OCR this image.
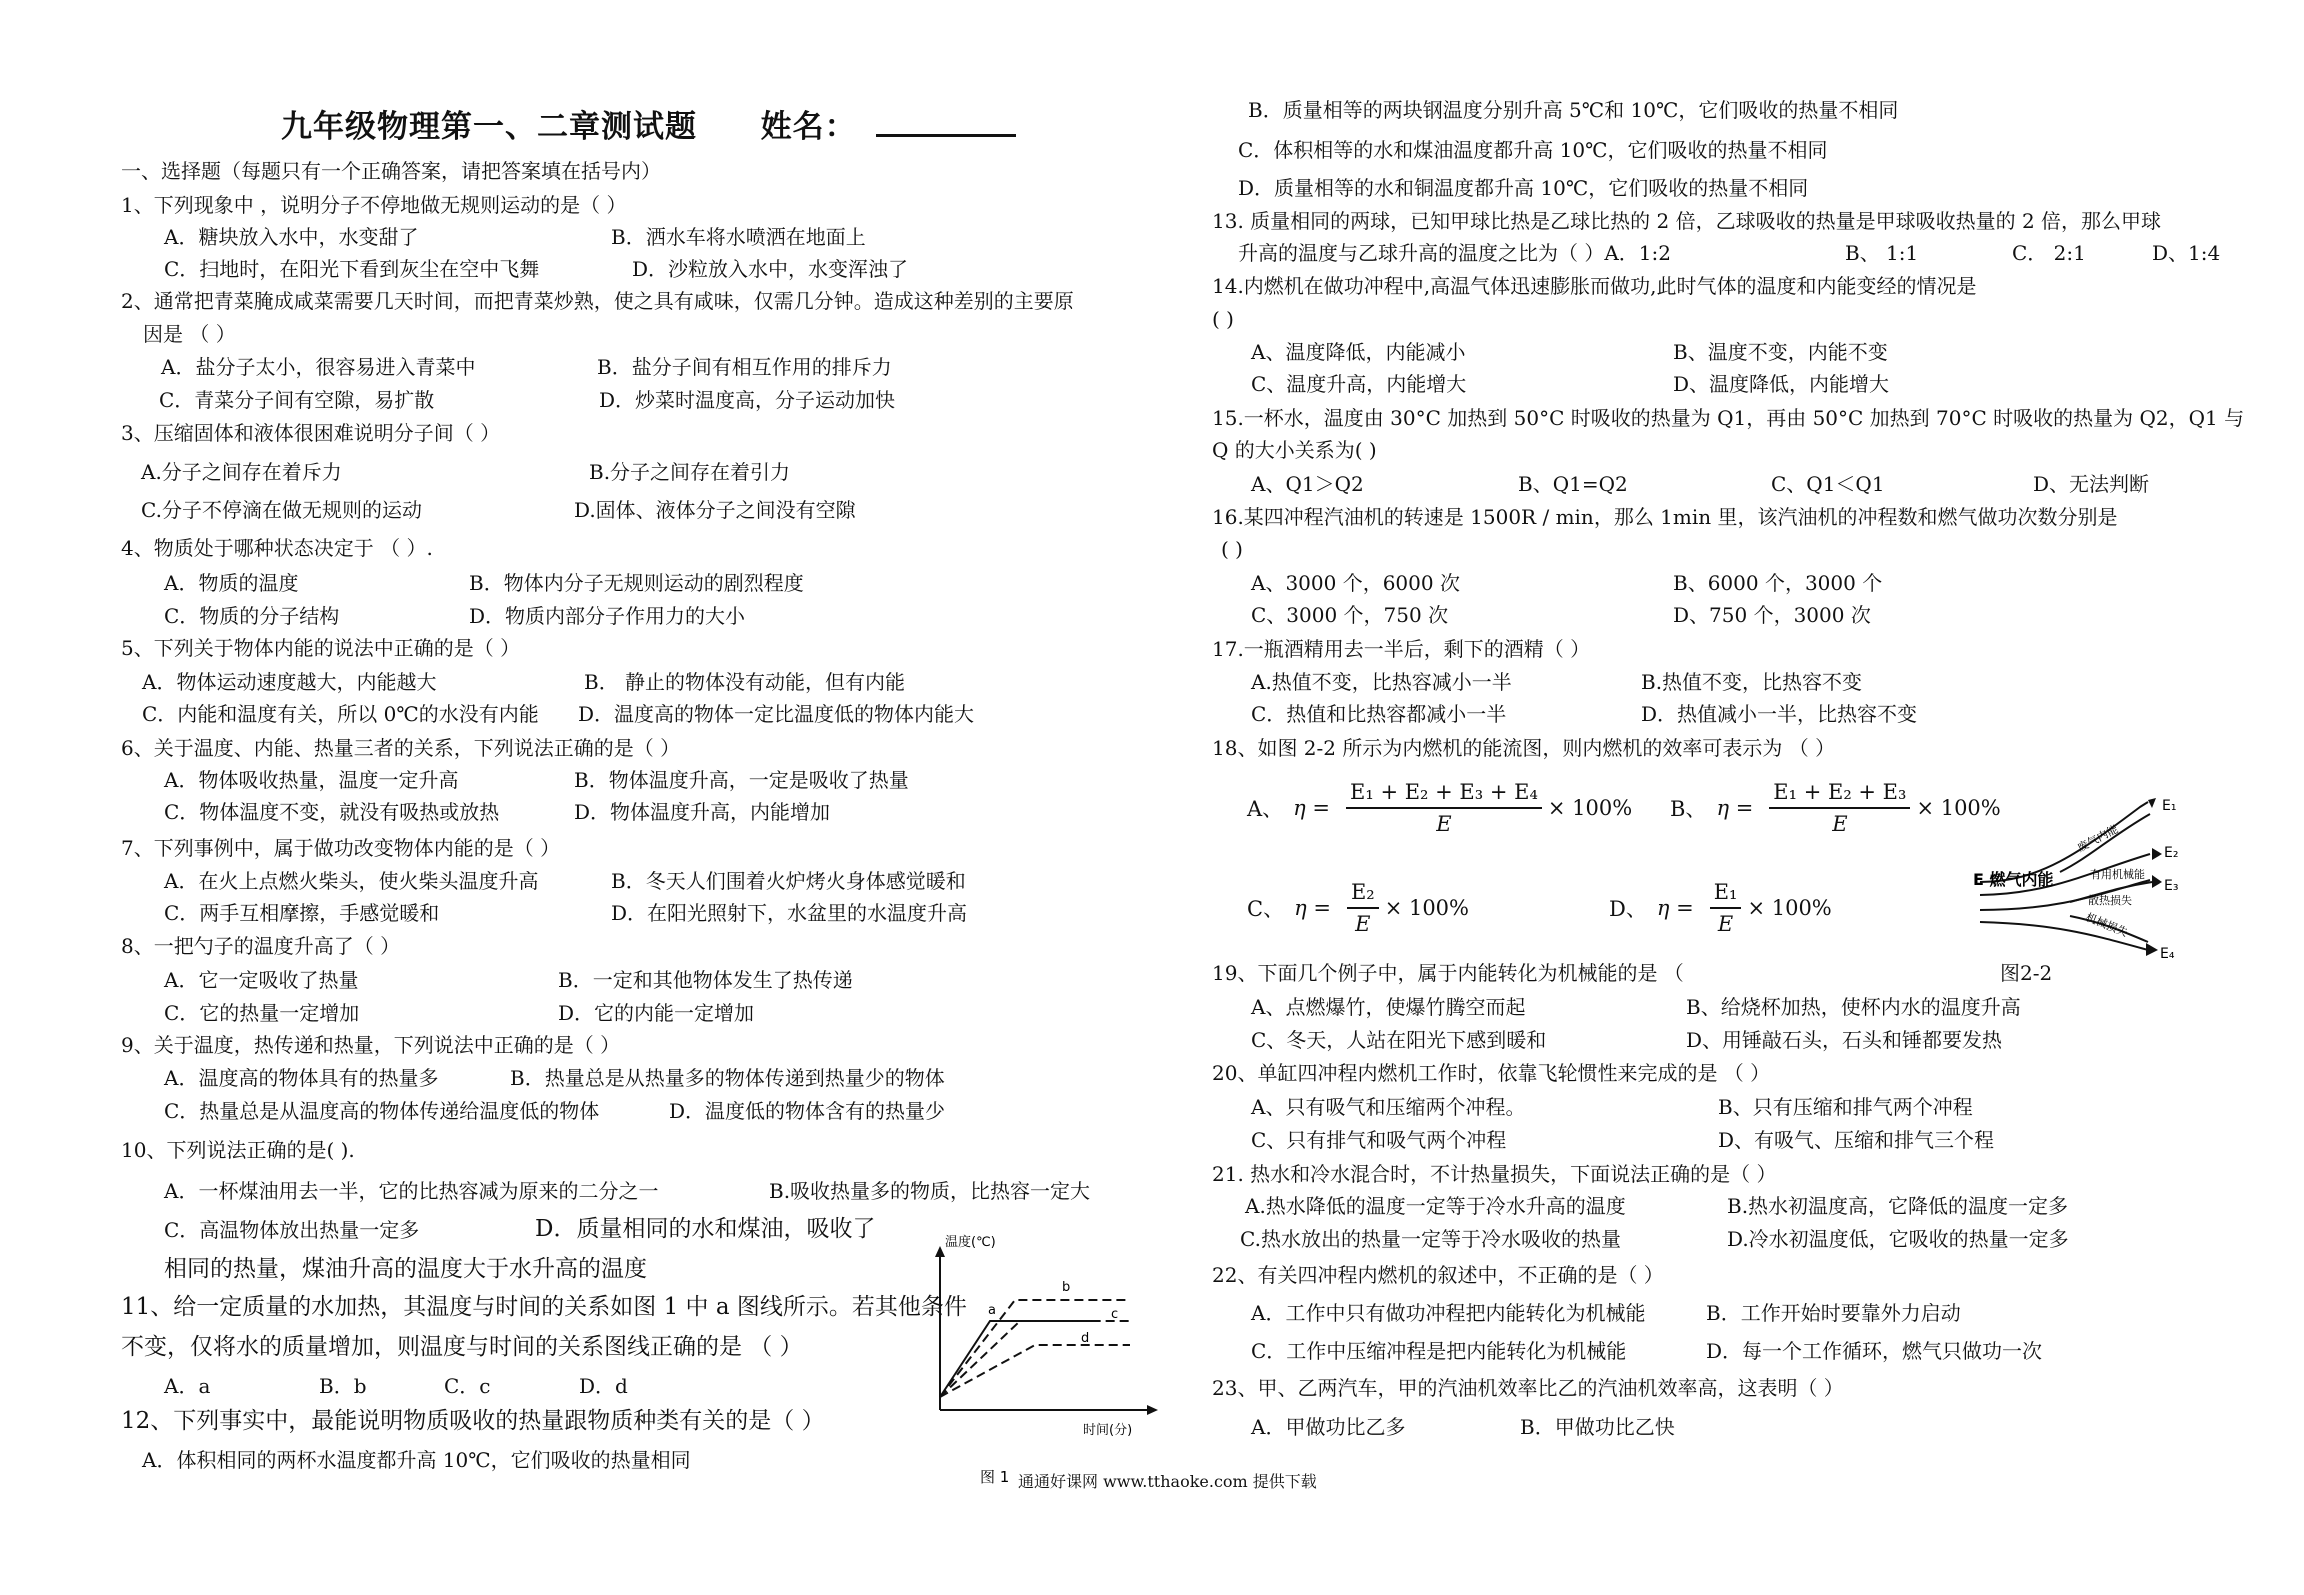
九年级物理第一、二章测试题 姓名：
一、选择题（每题只有一个正确答案，请把答案填在括号内）
1、下列现象中 ，说明分子不停地做无规则运动的是（ ）
A．糖块放入水中，水变甜了	B．洒水车将水喷洒在地面上
C．扫地时，在阳光下看到灰尘在空中飞舞	D．沙粒放入水中，水变浑浊了
2、通常把青菜腌成咸菜需要几天时间，而把青菜炒熟，使之具有咸味，仅需几分钟。造成这种差别的主要原
因是 （ ）
A．盐分子太小，很容易进入青菜中	B．盐分子间有相互作用的排斥力
C．青菜分子间有空隙，易扩散	D．炒菜时温度高，分子运动加快
3、压缩固体和液体很困难说明分子间（ ）
A.分子之间存在着斥力	B.分子之间存在着引力
C.分子不停滴在做无规则的运动	D.固体、液体分子之间没有空隙
4、物质处于哪种状态决定于 （ ）.
A．物质的温度	B．物体内分子无规则运动的剧烈程度
C．物质的分子结构	D．物质内部分子作用力的大小
5、下列关于物体内能的说法中正确的是（ ）
A．物体运动速度越大，内能越大	B． 静止的物体没有动能，但有内能
C．内能和温度有关，所以 0℃的水没有内能 D．温度高的物体一定比温度低的物体内能大
6、关于温度、内能、热量三者的关系，下列说法正确的是（ ）
A．物体吸收热量，温度一定升高	B．物体温度升高，一定是吸收了热量
C．物体温度不变，就没有吸热或放热	D．物体温度升高，内能增加
7、下列事例中，属于做功改变物体内能的是（ ）
A．在火上点燃火柴头，使火柴头温度升高	B．冬天人们围着火炉烤火身体感觉暖和
C．两手互相摩擦，手感觉暖和	D．在阳光照射下，水盆里的水温度升高
8、一把勺子的温度升高了（ ）
A．它一定吸收了热量	B．一定和其他物体发生了热传递
C．它的热量一定增加	D．它的内能一定增加
9、关于温度，热传递和热量，下列说法中正确的是（ ）
A．温度高的物体具有的热量多	B．热量总是从热量多的物体传递到热量少的物体
C．热量总是从温度高的物体传递给温度低的物体	D．温度低的物体含有的热量少
10、下列说法正确的是( ).
A．一杯煤油用去一半，它的比热容减为原来的二分之一	B.吸收热量多的物质，比热容一定大
C．高温物体放出热量一定多	D．质量相同的水和煤油，吸收了
相同的热量，煤油升高的温度大于水升高的温度
11、给一定质量的水加热，其温度与时间的关系如图 1 中 a 图线所示。若其他条件
不变，仅将水的质量增加，则温度与时间的关系图线正确的是 （ ）
A．a	B．b	C．c	D．d
12、下列事实中，最能说明物质吸收的热量跟物质种类有关的是（ ）
A．体积相同的两杯水温度都升高 10℃，它们吸收的热量相同
温度(℃)
a
b
c
d
时间(分)
图 1
B．质量相等的两块钢温度分别升高 5℃和 10℃，它们吸收的热量不相同
C．体积相等的水和煤油温度都升高 10℃，它们吸收的热量不相同
D．质量相等的水和铜温度都升高 10℃，它们吸收的热量不相同
13. 质量相同的两球，已知甲球比热是乙球比热的 2 倍，乙球吸收的热量是甲球吸收热量的 2 倍，那么甲球
升高的温度与乙球升高的温度之比为（ ）A．1:2	B、 1:1	C． 2:1	D、1:4
14.内燃机在做功冲程中,高温气体迅速膨胀而做功,此时气体的温度和内能变经的情况是
( )
A、温度降低，内能减小	B、温度不变，内能不变
C、温度升高，内能增大	D、温度降低，内能增大
15.一杯水，温度由 30°C 加热到 50°C 时吸收的热量为 Q1，再由 50°C 加热到 70°C 时吸收的热量为 Q2，Q1 与
Q 的大小关系为( )
A、Q1＞Q2	B、Q1=Q2	C、Q1＜Q1	D、无法判断
16.某四冲程汽油机的转速是 1500R / min，那么 1min 里，该汽油机的冲程数和燃气做功次数分别是
( )
A、3000 个，6000 次	B、6000 个，3000 个
C、3000 个，750 次	D、750 个，3000 次
17.一瓶酒精用去一半后，剩下的酒精（ ）
A.热值不变，比热容减小一半	B.热值不变，比热容不变
C．热值和比热容都减小一半	D．热值减小一半，比热容不变
18、如图 2-2 所示为内燃机的能流图，则内燃机的效率可表示为 （ ）
A、 $\eta = \frac{\text{E₁ + E₂ + E₃ + E₄}}{E} \times 100\%$ B、 $\eta = \frac{\text{E₁ + E₂ + E₃}}{E} \times 100\%$
C、 $\eta = \frac{\text{E₂}}{E} \times 100\%$	D、 $\eta = \frac{\text{E₁}}{E} \times 100\%$
E 燃气内能
E₁
E₂
E₃
E₄
废气内能
有用机械能
散热损失
机械损失
19、下面几个例子中，属于内能转化为机械能的是 （	图2-2
A、点燃爆竹，使爆竹腾空而起	B、给烧杯加热，使杯内水的温度升高
C、冬天，人站在阳光下感到暖和	D、用锤敲石头，石头和锤都要发热
20、单缸四冲程内燃机工作时，依靠飞轮惯性来完成的是 （ ）
A、只有吸气和压缩两个冲程。	B、只有压缩和排气两个冲程
C、只有排气和吸气两个冲程	D、有吸气、压缩和排气三个程
21. 热水和冷水混合时，不计热量损失，下面说法正确的是（ ）
A.热水降低的温度一定等于冷水升高的温度	B.热水初温度高，它降低的温度一定多
C.热水放出的热量一定等于冷水吸收的热量	D.冷水初温度低，它吸收的热量一定多
22、有关四冲程内燃机的叙述中，不正确的是（ ）
A．工作中只有做功冲程把内能转化为机械能	B．工作开始时要靠外力启动
C．工作中压缩冲程是把内能转化为机械能	D．每一个工作循环，燃气只做功一次
23、甲、乙两汽车，甲的汽油机效率比乙的汽油机效率高，这表明（ ）
A．甲做功比乙多	B．甲做功比乙快
通通好课网 www.tthaoke.com 提供下载
